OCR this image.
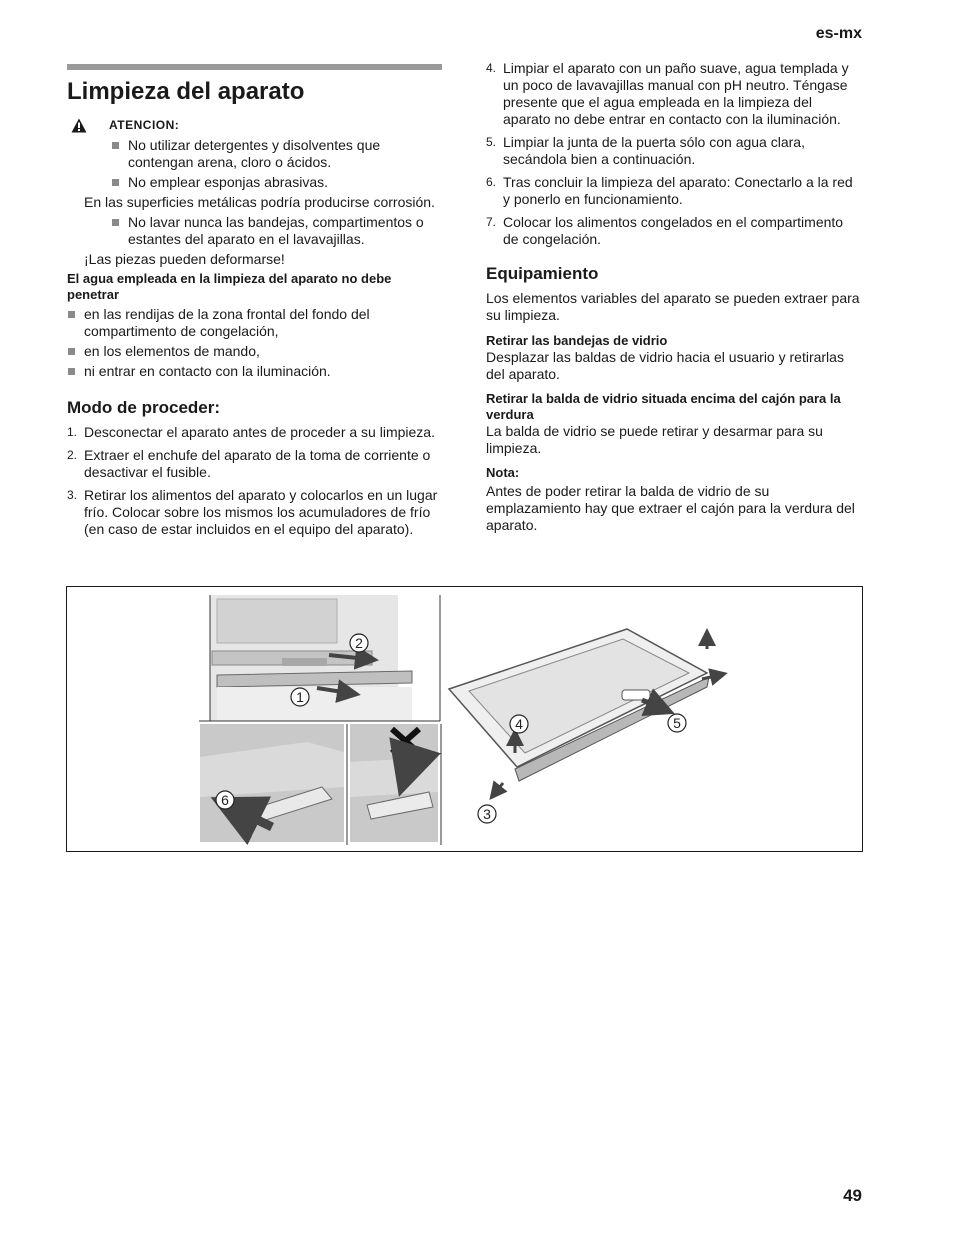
es-mx
Limpieza del aparato
ATENCION:
No utilizar detergentes y disolventes que contengan arena, cloro o ácidos.
No emplear esponjas abrasivas.

En las superficies metálicas podría producirse corrosión.

No lavar nunca las bandejas, compartimentos o estantes del aparato en el lavavajillas.

¡Las piezas pueden deformarse!

El agua empleada en la limpieza del aparato no debe penetrar

en las rendijas de la zona frontal del fondo del compartimento de congelación,
en los elementos de mando,
ni entrar en contacto con la iluminación.
Modo de proceder:
1. Desconectar el aparato antes de proceder a su limpieza.
2. Extraer el enchufe del aparato de la toma de corriente o desactivar el fusible.
3. Retirar los alimentos del aparato y colocarlos en un lugar frío. Colocar sobre los mismos los acumuladores de frío (en caso de estar incluidos en el equipo del aparato).
4. Limpiar el aparato con un paño suave, agua templada y un poco de lavavajillas manual con pH neutro. Téngase presente que el agua empleada en la limpieza del aparato no debe entrar en contacto con la iluminación.
5. Limpiar la junta de la puerta sólo con agua clara, secándola bien a continuación.
6. Tras concluir la limpieza del aparato: Conectarlo a la red y ponerlo en funcionamiento.
7. Colocar los alimentos congelados en el compartimento de congelación.
Equipamiento

Los elementos variables del aparato se pueden extraer para su limpieza.

Retirar las bandejas de vidrio

Desplazar las baldas de vidrio hacia el usuario y retirarlas del aparato.

Retirar la balda de vidrio situada encima del cajón para la verdura

La balda de vidrio se puede retirar y desarmar para su limpieza.

Nota:

Antes de poder retirar la balda de vidrio de su emplazamiento hay que extraer el cajón para la verdura del aparato.

1
2
3
4	5
6
49
